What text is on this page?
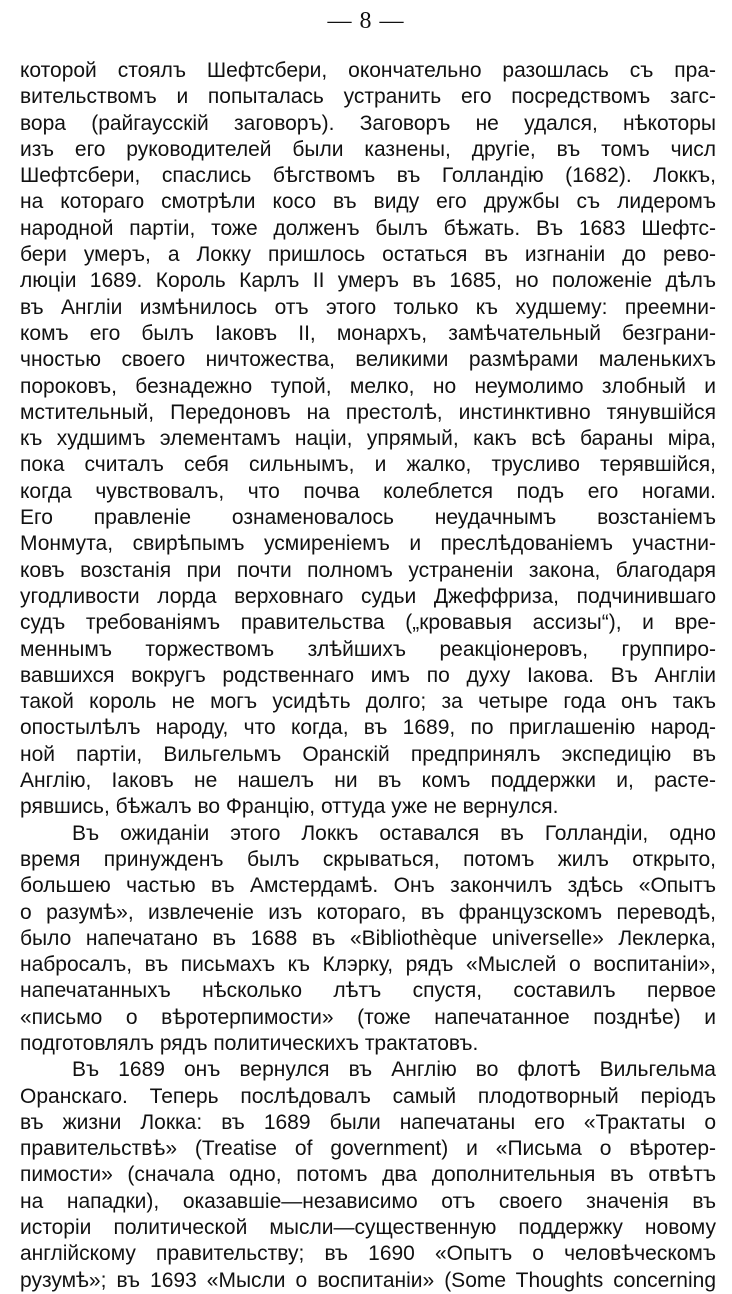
— 8 —
которой стоялъ Шефтсбери, окончательно разошлась съ пра-
вительствомъ и попыталась устранить его посредствомъ загс-
вора (райгаусскій заговоръ). Заговоръ не удался, нѣкоторы
изъ его руководителей были казнены, другіе, въ томъ числ
Шефтсбери, спаслись бѣгствомъ въ Голландію (1682). Локкъ,
на котораго смотрѣли косо въ виду его дружбы съ лидеромъ
народной партіи, тоже долженъ былъ бѣжать. Въ 1683 Шефтс-
бери умеръ, а Локку пришлось остаться въ изгнаніи до рево-
люціи 1689. Король Карлъ II умеръ въ 1685, но положеніе дѣлъ
въ Англіи измѣнилось отъ этого только къ худшему: преемни-
комъ его былъ Іаковъ II, монархъ, замѣчательный безграни-
чностью своего ничтожества, великими размѣрами маленькихъ
пороковъ, безнадежно тупой, мелко, но неумолимо злобный и
мстительный, Передоновъ на престолѣ, инстинктивно тянувшійся
къ худшимъ элементамъ націи, упрямый, какъ всѣ бараны міра,
пока считалъ себя сильнымъ, и жалко, трусливо терявшійся,
когда чувствовалъ, что почва колеблется подъ его ногами.
Его правленіе ознаменовалось неудачнымъ возстаніемъ
Монмута, свирѣпымъ усмиреніемъ и преслѣдованіемъ участни-
ковъ возстанія при почти полномъ устраненіи закона, благодаря
угодливости лорда верховнаго судьи Джеффриза, подчинившаго
судъ требованіямъ правительства („кровавыя ассизы“), и вре-
меннымъ торжествомъ злѣйшихъ реакціонеровъ, группиро-
вавшихся вокругъ родственнаго имъ по духу Іакова. Въ Англіи
такой король не могъ усидѣть долго; за четыре года онъ такъ
опостылѣлъ народу, что когда, въ 1689, по приглашенію народ-
ной партіи, Вильгельмъ Оранскій предпринялъ экспедицію въ
Англію, Іаковъ не нашелъ ни въ комъ поддержки и, расте-
рявшись, бѣжалъ во Францію, оттуда уже не вернулся.
Въ ожиданіи этого Локкъ оставался въ Голландіи, одно
время принужденъ былъ скрываться, потомъ жилъ открыто,
большею частью въ Амстердамѣ. Онъ закончилъ здѣсь «Опытъ
о разумѣ», извлеченіе изъ котораго, въ французскомъ переводѣ,
было напечатано въ 1688 въ «Bibliothèque universelle» Леклерка,
набросалъ, въ письмахъ къ Клэрку, рядъ «Мыслей о воспитаніи»,
напечатанныхъ нѣсколько лѣтъ спустя, составилъ первое
«письмо о вѣротерпимости» (тоже напечатанное позднѣе) и
подготовлялъ рядъ политическихъ трактатовъ.
Въ 1689 онъ вернулся въ Англію во флотѣ Вильгельма
Оранскаго. Теперь послѣдовалъ самый плодотворный періодъ
въ жизни Локка: въ 1689 были напечатаны его «Трактаты о
правительствѣ» (Treatise of government) и «Письма о вѣротер-
пимости» (сначала одно, потомъ два дополнительныя въ отвѣтъ
на нападки), оказавшіе—независимо отъ своего значенія въ
исторіи политической мысли—существенную поддержку новому
англійскому правительству; въ 1690 «Опытъ о человѣческомъ
рузумѣ»; въ 1693 «Мысли о воспитаніи» (Some Thoughts concerning
